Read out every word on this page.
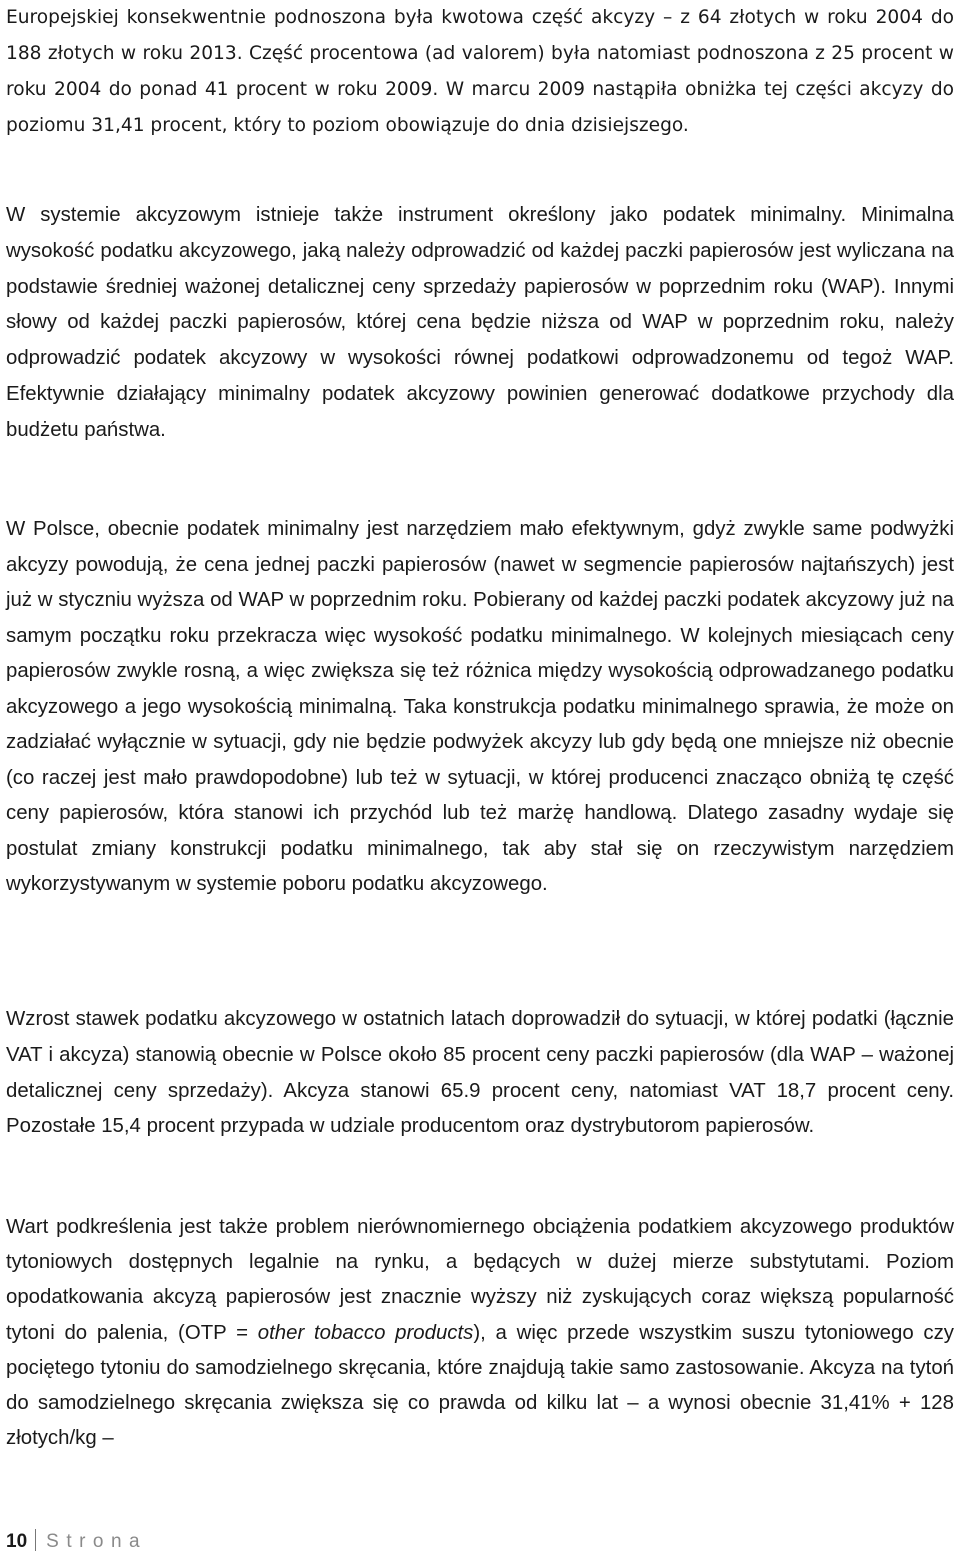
Europejskiej konsekwentnie podnoszona była kwotowa część akcyzy – z 64 złotych w roku 2004 do 188 złotych w roku 2013. Część procentowa (ad valorem) była natomiast podnoszona z 25 procent w roku 2004 do ponad 41 procent w roku 2009. W marcu 2009 nastąpiła obniżka tej części akcyzy do poziomu 31,41 procent, który to poziom obowiązuje do dnia dzisiejszego.

W systemie akcyzowym istnieje także instrument określony jako podatek minimalny. Minimalna wysokość podatku akcyzowego, jaką należy odprowadzić od każdej paczki papierosów jest wyliczana na podstawie średniej ważonej detalicznej ceny sprzedaży papierosów w poprzednim roku (WAP). Innymi słowy od każdej paczki papierosów, której cena będzie niższa od WAP w poprzednim roku, należy odprowadzić podatek akcyzowy w wysokości równej podatkowi odprowadzonemu od tegoż WAP. Efektywnie działający minimalny podatek akcyzowy powinien generować dodatkowe przychody dla budżetu państwa.

W Polsce, obecnie podatek minimalny jest narzędziem mało efektywnym, gdyż zwykle same podwyżki akcyzy powodują, że cena jednej paczki papierosów (nawet w segmencie papierosów najtańszych) jest już w styczniu wyższa od WAP w poprzednim roku. Pobierany od każdej paczki podatek akcyzowy już na samym początku roku przekracza więc wysokość podatku minimalnego. W kolejnych miesiącach ceny papierosów zwykle rosną, a więc zwiększa się też różnica między wysokością odprowadzanego podatku akcyzowego a jego wysokością minimalną. Taka konstrukcja podatku minimalnego sprawia, że może on zadziałać wyłącznie w sytuacji, gdy nie będzie podwyżek akcyzy lub gdy będą one mniejsze niż obecnie (co raczej jest mało prawdopodobne) lub też w sytuacji, w której producenci znacząco obniżą tę część ceny papierosów, która stanowi ich przychód lub też marżę handlową. Dlatego zasadny wydaje się postulat zmiany konstrukcji podatku minimalnego, tak aby stał się on rzeczywistym narzędziem wykorzystywanym w systemie poboru podatku akcyzowego.

Wzrost stawek podatku akcyzowego w ostatnich latach doprowadził do sytuacji, w której podatki (łącznie VAT i akcyza) stanowią obecnie w Polsce około 85 procent ceny paczki papierosów (dla WAP – ważonej detalicznej ceny sprzedaży). Akcyza stanowi 65.9 procent ceny, natomiast VAT 18,7 procent ceny. Pozostałe 15,4 procent przypada w udziale producentom oraz dystrybutorom papierosów.

Wart podkreślenia jest także problem nierównomiernego obciążenia podatkiem akcyzowego produktów tytoniowych dostępnych legalnie na rynku, a będących w dużej mierze substytutami. Poziom opodatkowania akcyzą papierosów jest znacznie wyższy niż zyskujących coraz większą popularność tytoni do palenia, (OTP = other tobacco products), a więc przede wszystkim suszu tytoniowego czy pociętego tytoniu do samodzielnego skręcania, które znajdują takie samo zastosowanie. Akcyza na tytoń do samodzielnego skręcania zwiększa się co prawda od kilku lat – a wynosi obecnie 31,41% + 128 złotych/kg –

10 Strona
